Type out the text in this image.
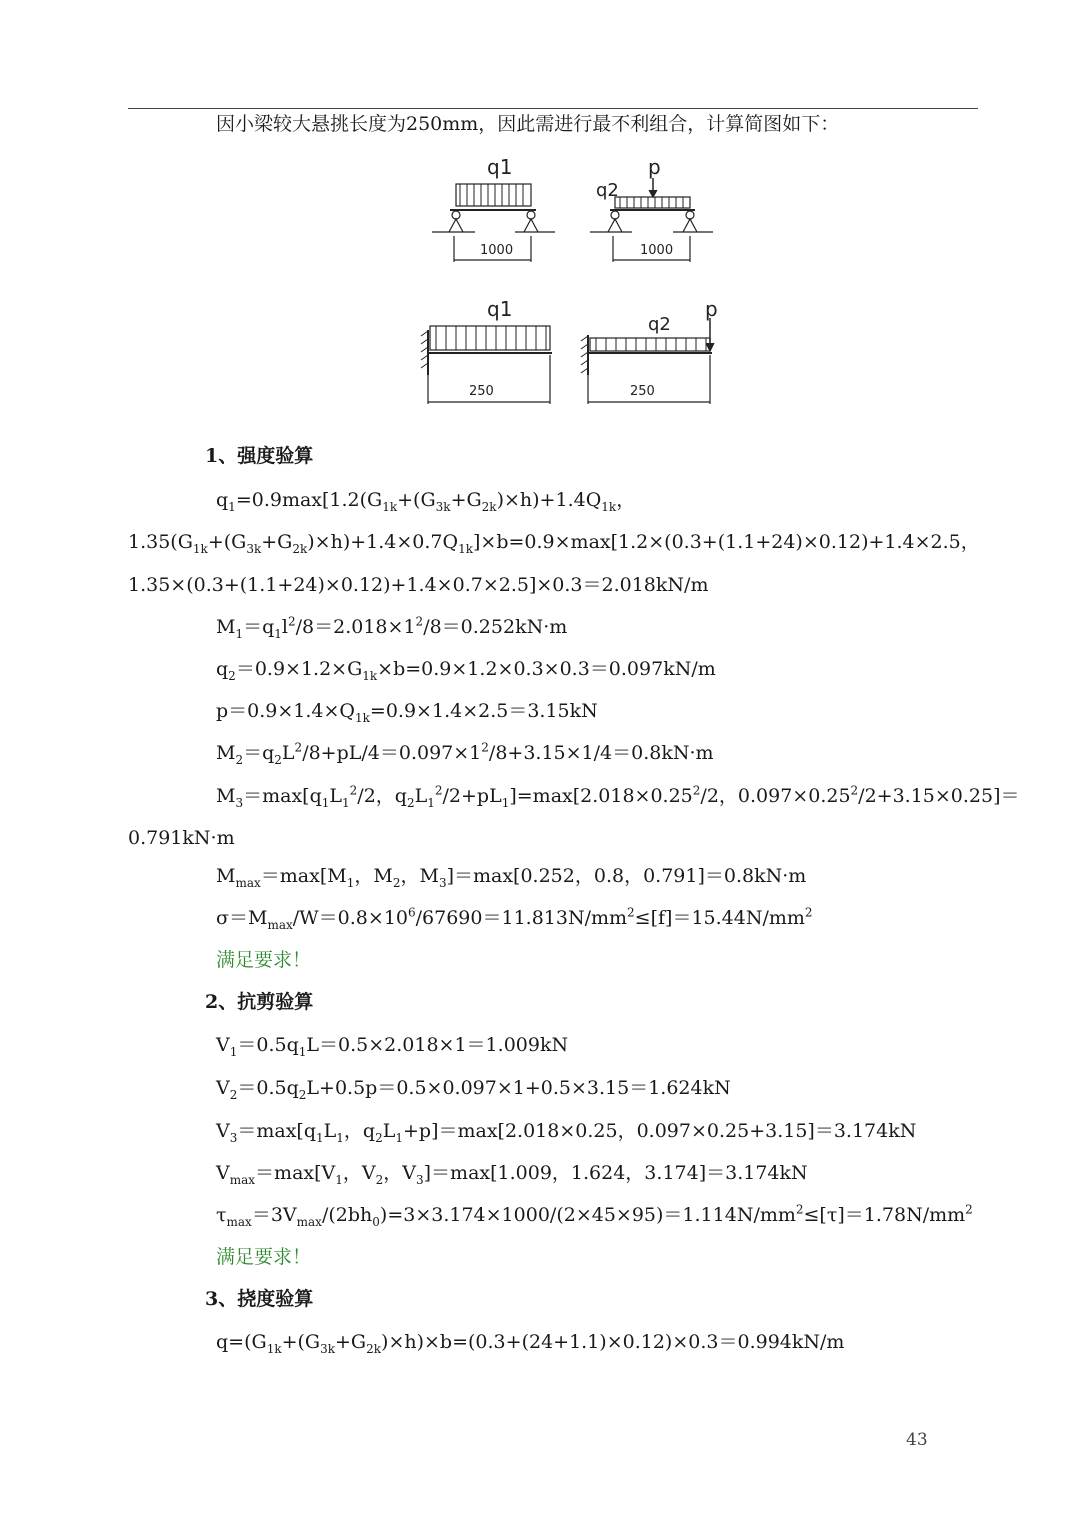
因小梁较大悬挑长度为250mm，因此需进行最不利组合，计算简图如下：
q1
1000
q2
p
1000
q1
250
q2
p
250
1、强度验算
$q_1=0.9\max[1.2(G_{1k}+(G_{3k}+G_{2k})\times h)+1.4Q_{1k}$，
$1.35(G_{1k}+(G_{3k}+G_{2k})\times h)+1.4\times 0.7Q_{1k}]\times b=0.9\times\max[1.2\times(0.3+(1.1+24)\times 0.12)+1.4\times 2.5$，
1.35×(0.3+(1.1+24)×0.12)+1.4×0.7×2.5]×0.3＝2.018kN/m
$M_1=q_1l^2/8=2.018\times 1^2/8=0.252kN\cdot m$
$q_2=0.9\times 1.2\times G_{1k}\times b=0.9\times 1.2\times 0.3\times 0.3=0.097kN/m$
$p=0.9\times 1.4\times Q_{1k}=0.9\times 1.4\times 2.5=3.15kN$
$M_2=q_2L^2/8+pL/4=0.097\times 1^2/8+3.15\times 1/4=0.8kN\cdot m$
$M_3=\max[q_1L_1^2/2$，$q_2L_1^2/2+pL_1]=\max[2.018\times 0.25^2/2$，$0.097\times 0.25^2/2+3.15\times 0.25]=$
0.791kN·m
$M_{max}=\max[M_1$，$M_2$，$M_3]=\max[0.252$，0.8，0.791]＝0.8kN·m
$\sigma=M_{max}/W=0.8\times 10^6/67690=11.813N/mm^2\le[f]=15.44N/mm^2$
满足要求！
2、抗剪验算
$V_1=0.5q_1L=0.5\times 2.018\times 1=1.009kN$
$V_2=0.5q_2L+0.5p=0.5\times 0.097\times 1+0.5\times 3.15=1.624kN$
$V_3=\max[q_1L_1$，$q_2L_1+p]=\max[2.018\times 0.25$，0.097×0.25+3.15]＝3.174kN
$V_{max}=\max[V_1$，$V_2$，$V_3]=\max[1.009$，1.624，3.174]＝3.174kN
$\tau_{max}=3V_{max}/(2bh_0)=3\times 3.174\times 1000/(2\times 45\times 95)=1.114N/mm^2\le[\tau]=1.78N/mm^2$
满足要求！
3、挠度验算
$q=(G_{1k}+(G_{3k}+G_{2k})\times h)\times b=(0.3+(24+1.1)\times 0.12)\times 0.3=0.994kN/m$
43
